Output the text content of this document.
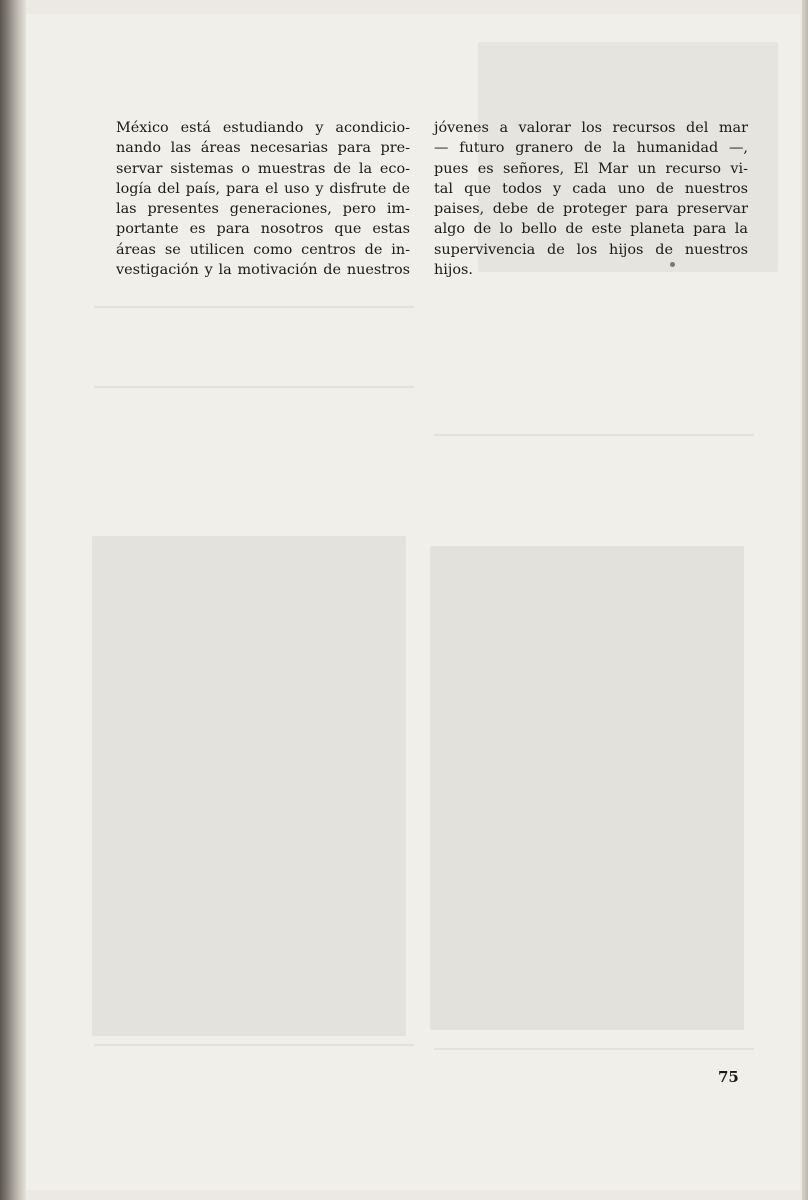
México está estudiando y acondicio-
nando las áreas necesarias para pre-
servar sistemas o muestras de la eco-
logía del país, para el uso y disfrute de
las presentes generaciones, pero im-
portante es para nosotros que estas
áreas se utilicen como centros de in-
vestigación y la motivación de nuestros

jóvenes a valorar los recursos del mar
— futuro granero de la humanidad —,
pues es señores, El Mar un recurso vi-
tal que todos y cada uno de nuestros
paises, debe de proteger para preservar
algo de lo bello de este planeta para la
supervivencia de los hijos de nuestros
hijos.

75
